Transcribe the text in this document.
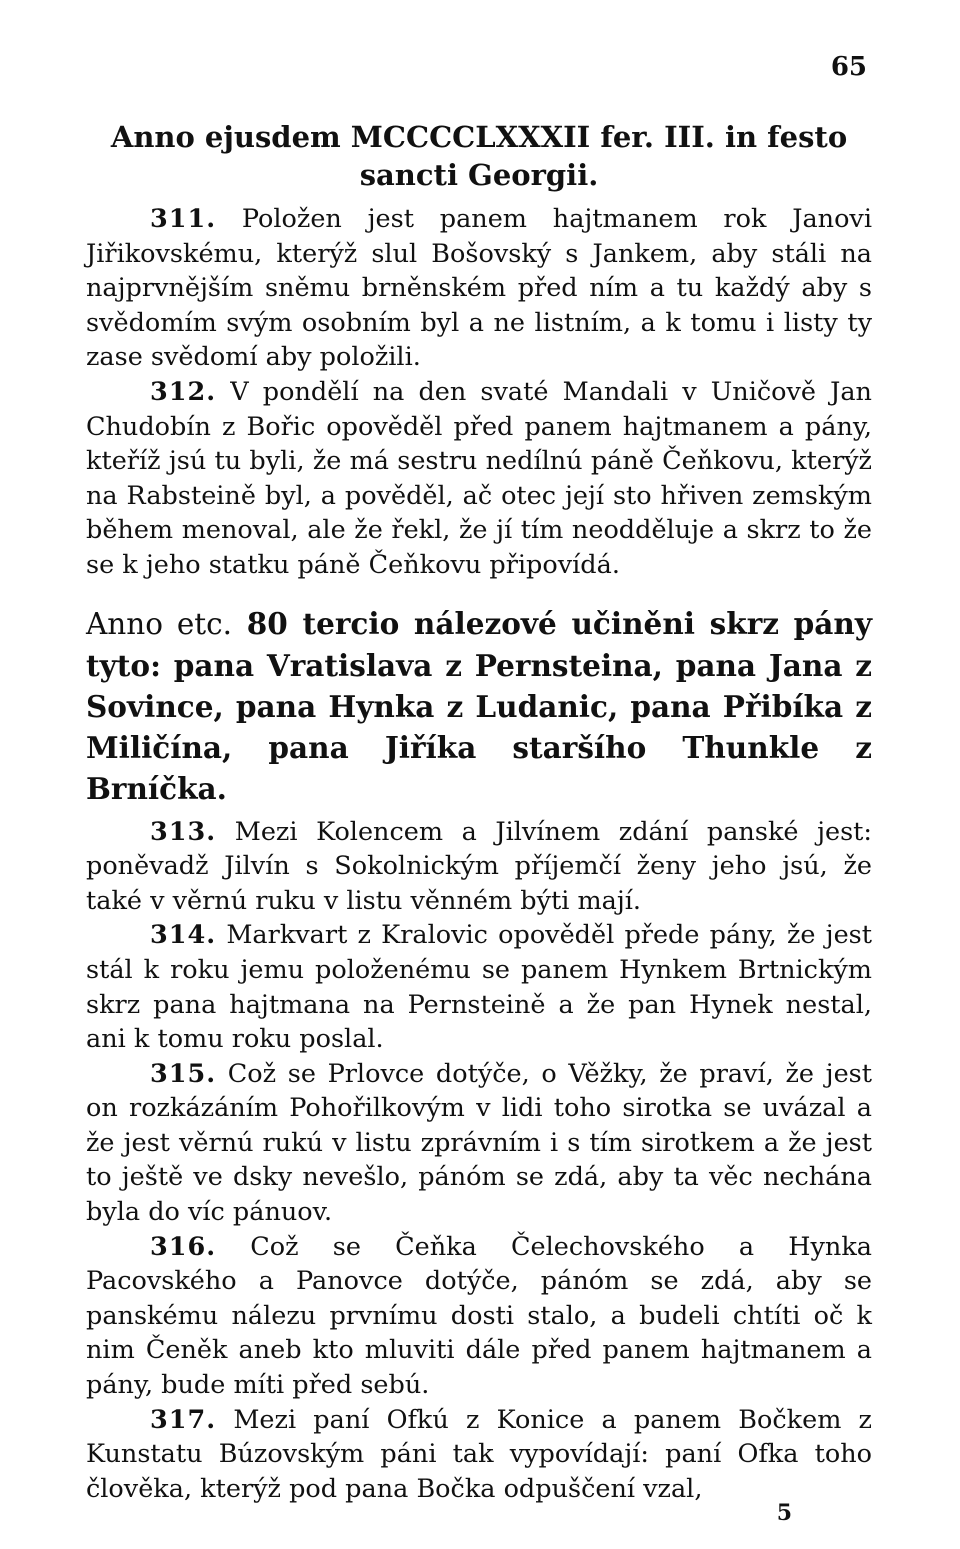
65
Anno ejusdem MCCCCLXXXII fer. III. in festo sancti Georgii.

311. Položen jest panem hajtmanem rok Janovi Jiřikovskému, kterýž slul Bošovský s Jankem, aby stáli na najprvnějším sněmu brněnském před ním a tu každý aby s svědomím svým osobním byl a ne listním, a k tomu i listy ty zase svědomí aby položili.

312. V pondělí na den svaté Mandali v Uničově Jan Chudobín z Bořic opověděl před panem hajtmanem a pány, kteříž jsú tu byli, že má sestru nedílnú páně Čeňkovu, kterýž na Rabsteině byl, a pověděl, ač otec její sto hřiven zemským během menoval, ale že řekl, že jí tím neodděluje a skrz to že se k jeho statku páně Čeňkovu připovídá.

Anno etc. 80 tercio nálezové učiněni skrz pány tyto: pana Vratislava z Pernsteina, pana Jana z Sovince, pana Hynka z Ludanic, pana Přibíka z Miličína, pana Jiříka staršího Thunkle z Brníčka.

313. Mezi Kolencem a Jilvínem zdání panské jest: poněvadž Jilvín s Sokolnickým příjemčí ženy jeho jsú, že také v věrnú ruku v listu věnném býti mají.

314. Markvart z Kralovic opověděl přede pány, že jest stál k roku jemu položenému se panem Hynkem Brtnickým skrz pana hajtmana na Pernsteině a že pan Hynek nestal, ani k tomu roku poslal.

315. Což se Prlovce dotýče, o Věžky, že praví, že jest on rozkázáním Pohořilkovým v lidi toho sirotka se uvázal a že jest věrnú rukú v listu zprávním i s tím sirotkem a že jest to ještě ve dsky nevešlo, pánóm se zdá, aby ta věc nechána byla do víc pánuov.

316. Což se Čeňka Čelechovského a Hynka Pacovského a Panovce dotýče, pánóm se zdá, aby se panskému nálezu prvnímu dosti stalo, a budeli chtíti oč k nim Čeněk aneb kto mluviti dále před panem hajtmanem a pány, bude míti před sebú.

317. Mezi paní Ofkú z Konice a panem Bočkem z Kunstatu Búzovským páni tak vypovídají: paní Ofka toho člověka, kterýž pod pana Bočka odpuščení vzal,

5
